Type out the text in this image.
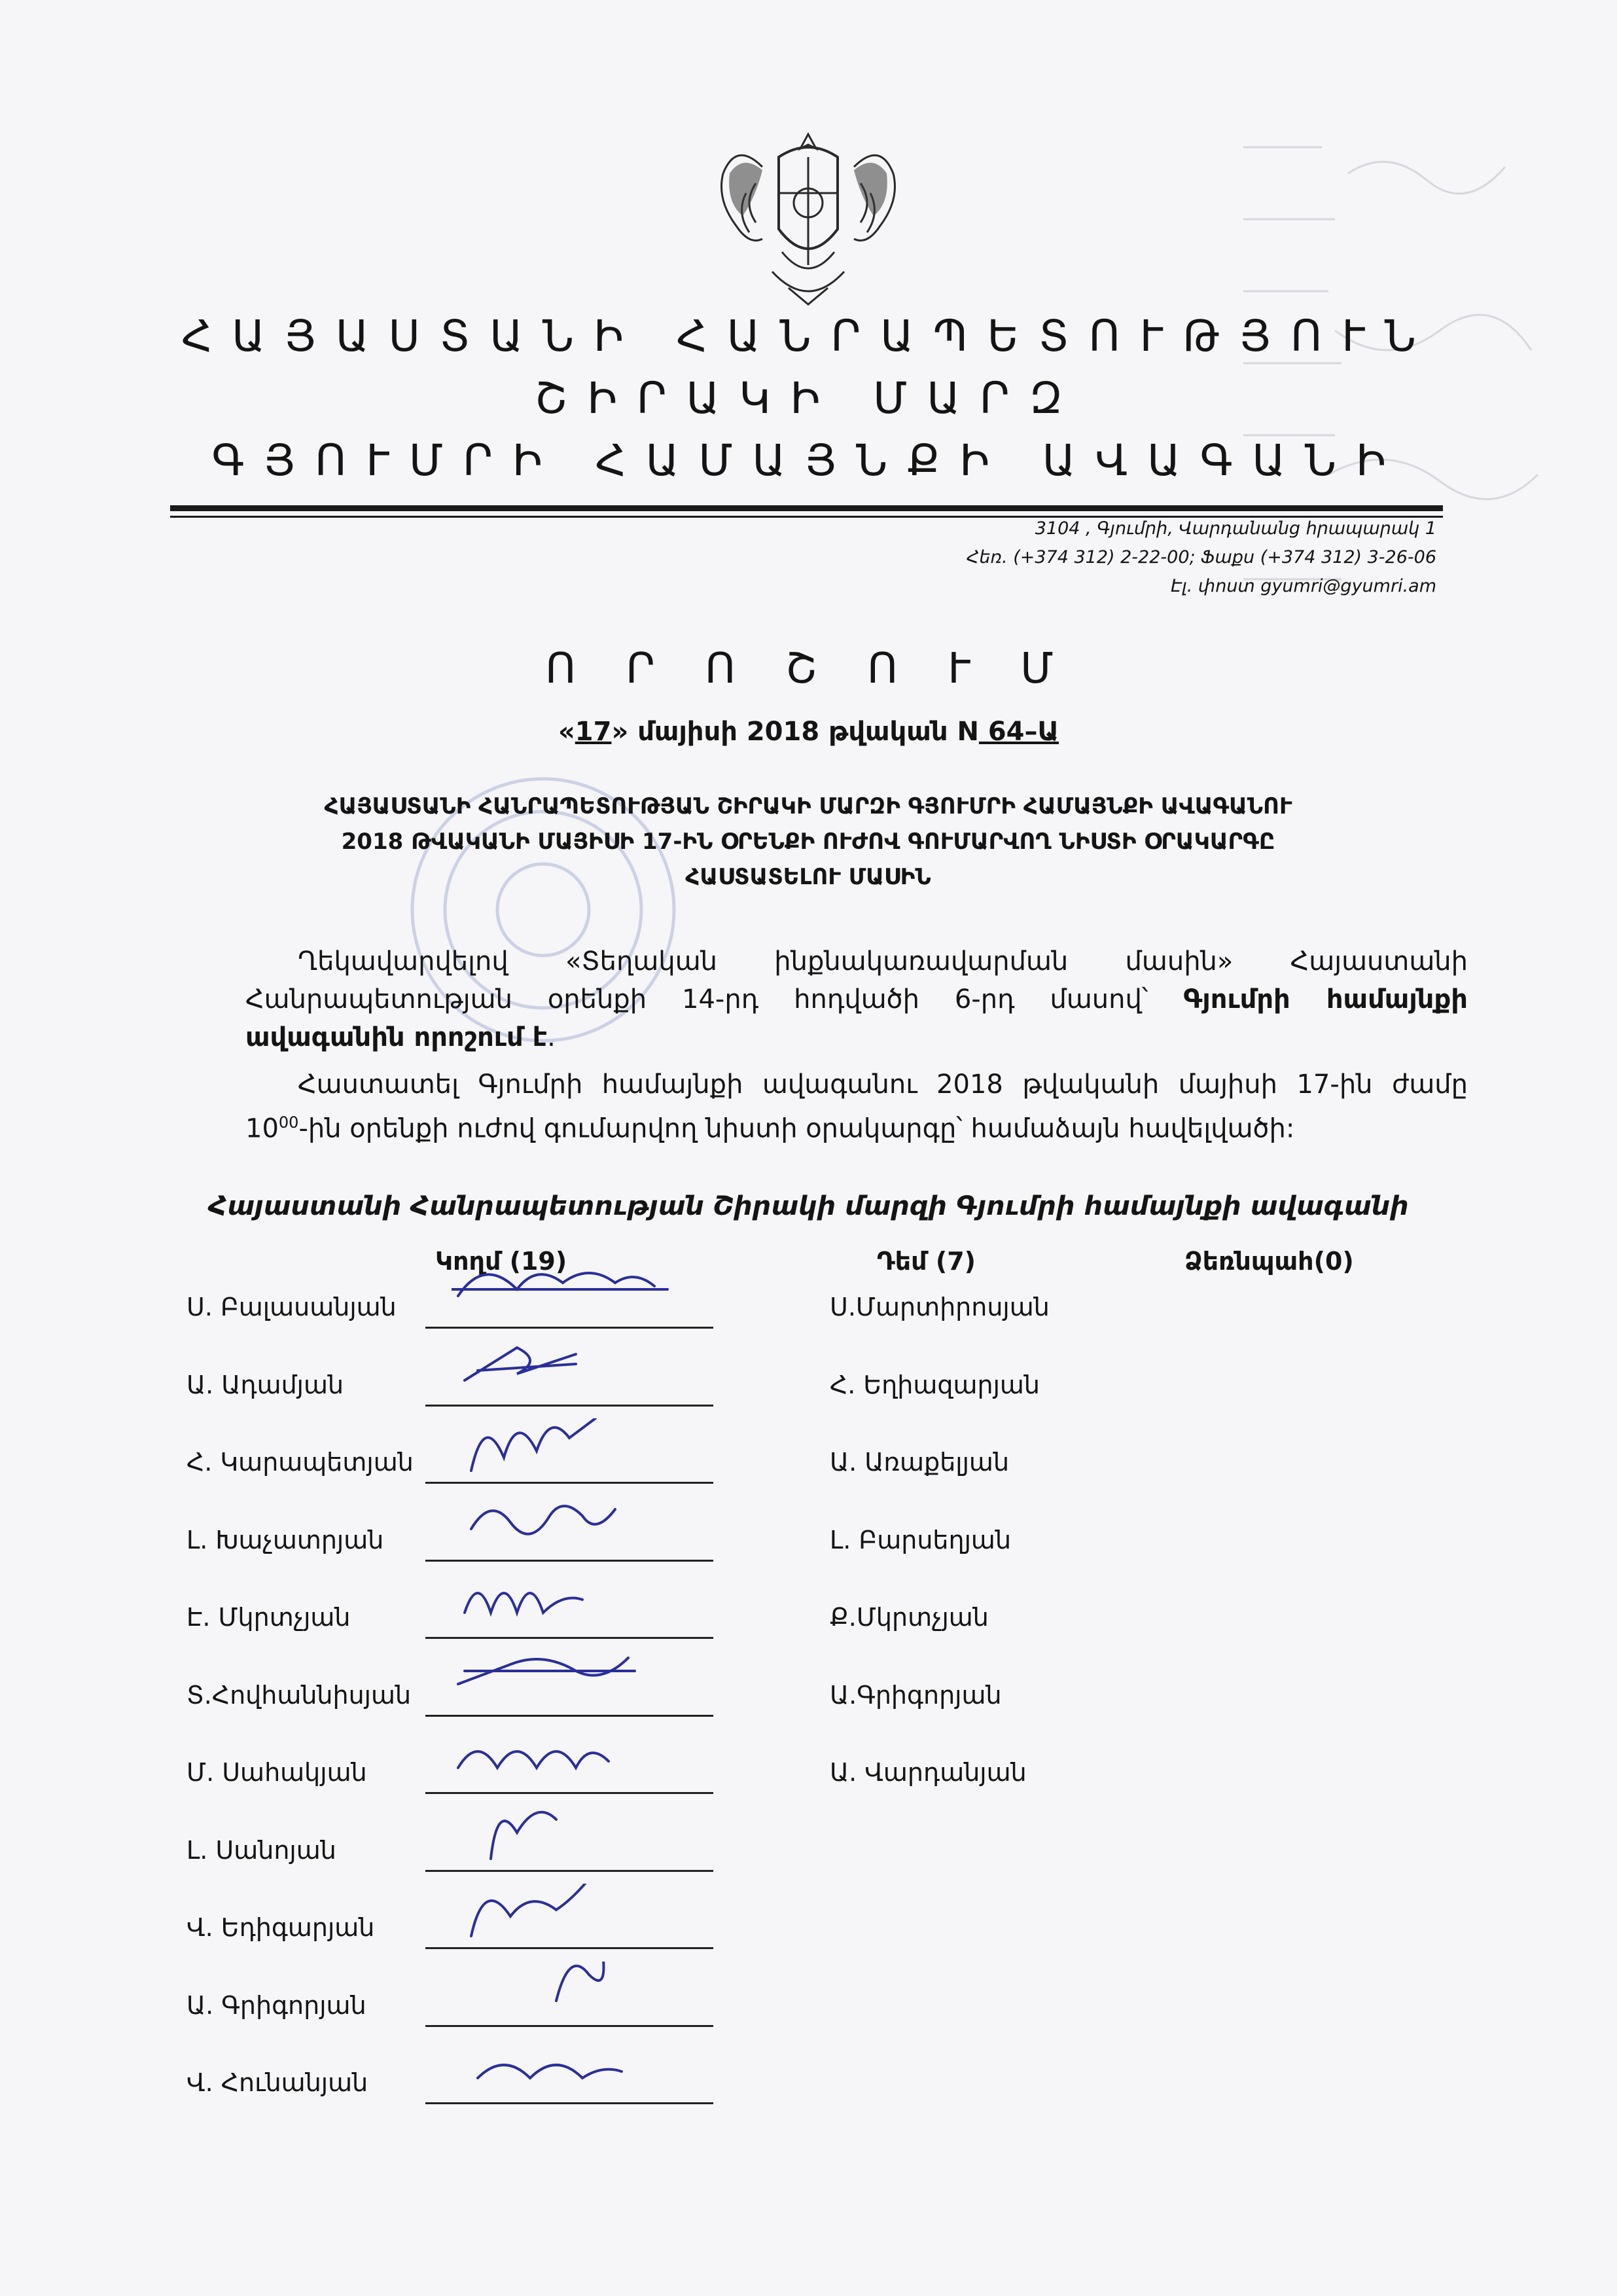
ՀԱՅԱՍՏԱՆԻ ՀԱՆՐԱՊԵՏՈՒԹՅՈՒՆ
ՇԻՐԱԿԻ ՄԱՐԶ
ԳՅՈՒՄՐԻ ՀԱՄԱՅՆՔԻ ԱՎԱԳԱՆԻ
3104 , Գյումրի, Վարդանանց հրապարակ 1
Հեռ. (+374 312) 2-22-00; Ֆաքս (+374 312) 3-26-06
Էլ. փոստ gyumri@gyumri.am
Ո Ր Ո Շ Ո Ւ Մ
«17» մայիսի 2018 թվական N 64–Ա
ՀԱՅԱՍՏԱՆԻ ՀԱՆՐԱՊԵՏՈՒԹՅԱՆ ՇԻՐԱԿԻ ՄԱՐԶԻ ԳՅՈՒՄՐԻ ՀԱՄԱՅՆՔԻ ԱՎԱԳԱՆՈՒ
2018 ԹՎԱԿԱՆԻ ՄԱՅԻՍԻ 17-ԻՆ ՕՐԵՆՔԻ ՈՒԺՈՎ ԳՈՒՄԱՐՎՈՂ ՆԻՍՏԻ ՕՐԱԿԱՐԳԸ
ՀԱՍՏԱՏԵԼՈՒ ՄԱՍԻՆ
Ղեկավարվելով «Տեղական ինքնակառավարման մասին» Հայաստանի
Հանրապետության օրենքի 14-րդ հոդվածի 6-րդ մասով՝ Գյումրի համայնքի
ավագանին որոշում է.
Հաստատել Գյումրի համայնքի ավագանու 2018 թվականի մայիսի 17-ին ժամը
$10^{00}-ին$ օրենքի ուժով գումարվող նիստի օրակարգը՝ համաձայն հավելվածի:
Հայաստանի Հանրապետության Շիրակի մարզի Գյումրի համայնքի ավագանի
Կողմ (19)	Դեմ (7)	Ձեռնպահ(0)
Ս. Բալասանյան
Ա. Ադամյան
Հ. Կարապետյան
Լ. Խաչատրյան
Է. Մկրտչյան
Տ.Հովհաննիսյան
Մ. Սահակյան
Լ. Սանոյան
Վ. Եդիգարյան
Ա. Գրիգորյան
Վ. Հունանյան
Ս.Մարտիրոսյան
Հ. Եղիազարյան
Ա. Առաքելյան
Լ. Բարսեղյան
Ք.Մկրտչյան
Ա.Գրիգորյան
Ա. Վարդանյան
